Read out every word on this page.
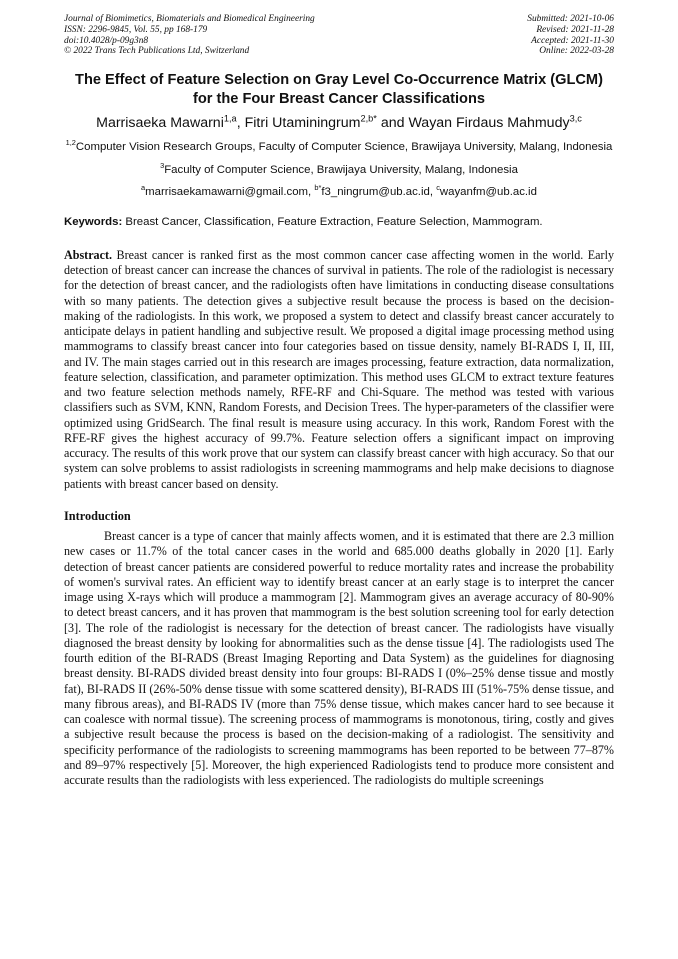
Journal of Biomimetics, Biomaterials and Biomedical Engineering
ISSN: 2296-9845, Vol. 55, pp 168-179
doi:10.4028/p-09g3n8
© 2022 Trans Tech Publications Ltd, Switzerland
Submitted: 2021-10-06
Revised: 2021-11-28
Accepted: 2021-11-30
Online: 2022-03-28
The Effect of Feature Selection on Gray Level Co-Occurrence Matrix (GLCM) for the Four Breast Cancer Classifications
Marrisaeka Mawarni$^{1,a}$, Fitri Utaminingrum$^{2,b*}$ and Wayan Firdaus Mahmudy$^{3,c}$
$^{1,2}$Computer Vision Research Groups, Faculty of Computer Science, Brawijaya University, Malang, Indonesia
$^3$Faculty of Computer Science, Brawijaya University, Malang, Indonesia
$^a$marrisaekamawarni@gmail.com, $^{b*}$f3_ningrum@ub.ac.id, $^c$wayanfm@ub.ac.id
Keywords: Breast Cancer, Classification, Feature Extraction, Feature Selection, Mammogram.
Abstract. Breast cancer is ranked first as the most common cancer case affecting women in the world. Early detection of breast cancer can increase the chances of survival in patients. The role of the radiologist is necessary for the detection of breast cancer, and the radiologists often have limitations in conducting disease consultations with so many patients. The detection gives a subjective result because the process is based on the decision-making of the radiologists. In this work, we proposed a system to detect and classify breast cancer accurately to anticipate delays in patient handling and subjective result. We proposed a digital image processing method using mammograms to classify breast cancer into four categories based on tissue density, namely BI-RADS I, II, III, and IV. The main stages carried out in this research are images processing, feature extraction, data normalization, feature selection, classification, and parameter optimization. This method uses GLCM to extract texture features and two feature selection methods namely, RFE-RF and Chi-Square. The method was tested with various classifiers such as SVM, KNN, Random Forests, and Decision Trees. The hyper-parameters of the classifier were optimized using GridSearch. The final result is measure using accuracy. In this work, Random Forest with the RFE-RF gives the highest accuracy of 99.7%. Feature selection offers a significant impact on improving accuracy. The results of this work prove that our system can classify breast cancer with high accuracy. So that our system can solve problems to assist radiologists in screening mammograms and help make decisions to diagnose patients with breast cancer based on density.
Introduction
Breast cancer is a type of cancer that mainly affects women, and it is estimated that there are 2.3 million new cases or 11.7% of the total cancer cases in the world and 685.000 deaths globally in 2020 [1]. Early detection of breast cancer patients are considered powerful to reduce mortality rates and increase the probability of women's survival rates. An efficient way to identify breast cancer at an early stage is to interpret the cancer image using X-rays which will produce a mammogram [2]. Mammogram gives an average accuracy of 80-90% to detect breast cancers, and it has proven that mammogram is the best solution screening tool for early detection [3]. The role of the radiologist is necessary for the detection of breast cancer. The radiologists have visually diagnosed the breast density by looking for abnormalities such as the dense tissue [4]. The radiologists used The fourth edition of the BI-RADS (Breast Imaging Reporting and Data System) as the guidelines for diagnosing breast density. BI-RADS divided breast density into four groups: BI-RADS I (0%–25% dense tissue and mostly fat), BI-RADS II (26%-50% dense tissue with some scattered density), BI-RADS III (51%-75% dense tissue, and many fibrous areas), and BI-RADS IV (more than 75% dense tissue, which makes cancer hard to see because it can coalesce with normal tissue). The screening process of mammograms is monotonous, tiring, costly and gives a subjective result because the process is based on the decision-making of a radiologist. The sensitivity and specificity performance of the radiologists to screening mammograms has been reported to be between 77–87% and 89–97% respectively [5]. Moreover, the high experienced Radiologists tend to produce more consistent and accurate results than the radiologists with less experienced. The radiologists do multiple screenings
